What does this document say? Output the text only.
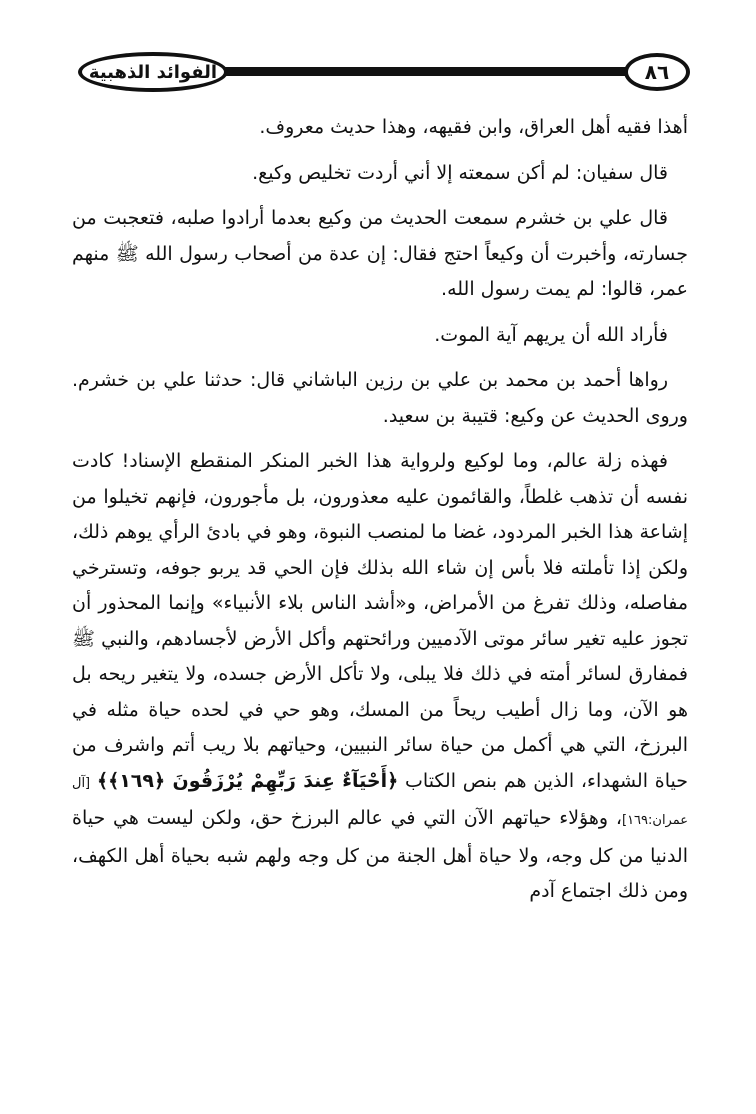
الفوائد الذهبية	٨٦

أهذا فقيه أهل العراق، وابن فقيهه، وهذا حديث معروف.

قال سفيان: لم أكن سمعته إلا أني أردت تخليص وكيع.

قال علي بن خشرم سمعت الحديث من وكيع بعدما أرادوا صلبه، فتعجبت من جسارته، وأخبرت أن وكيعاً احتج فقال: إن عدة من أصحاب رسول الله ﷺ منهم عمر، قالوا: لم يمت رسول الله.

فأراد الله أن يريهم آية الموت.

رواها أحمد بن محمد بن علي بن رزين الباشاني قال: حدثنا علي بن خشرم. وروى الحديث عن وكيع: قتيبة بن سعيد.

فهذه زلة عالم، وما لوكيع ولرواية هذا الخبر المنكر المنقطع الإسناد! كادت نفسه أن تذهب غلطاً، والقائمون عليه معذورون، بل مأجورون، فإنهم تخيلوا من إشاعة هذا الخبر المردود، غضا ما لمنصب النبوة، وهو في بادئ الرأي يوهم ذلك، ولكن إذا تأملته فلا بأس إن شاء الله بذلك فإن الحي قد يربو جوفه، وتسترخي مفاصله، وذلك تفرغ من الأمراض، و«أشد الناس بلاء الأنبياء» وإنما المحذور أن تجوز عليه تغير سائر موتى الآدميين ورائحتهم وأكل الأرض لأجسادهم، والنبي ﷺ فمفارق لسائر أمته في ذلك فلا يبلى، ولا تأكل الأرض جسده، ولا يتغير ريحه بل هو الآن، وما زال أطيب ريحاً من المسك، وهو حي في لحده حياة مثله في البرزخ، التي هي أكمل من حياة سائر النبيين، وحياتهم بلا ريب أتم واشرف من حياة الشهداء، الذين هم بنص الكتاب ﴿أَحْيَآءٌ عِندَ رَبِّهِمْ يُرْزَقُونَ ﴿١٦٩﴾﴾ [آل عمران:١٦٩]، وهؤلاء حياتهم الآن التي في عالم البرزخ حق، ولكن ليست هي حياة الدنيا من كل وجه، ولا حياة أهل الجنة من كل وجه ولهم شبه بحياة أهل الكهف، ومن ذلك اجتماع آدم
